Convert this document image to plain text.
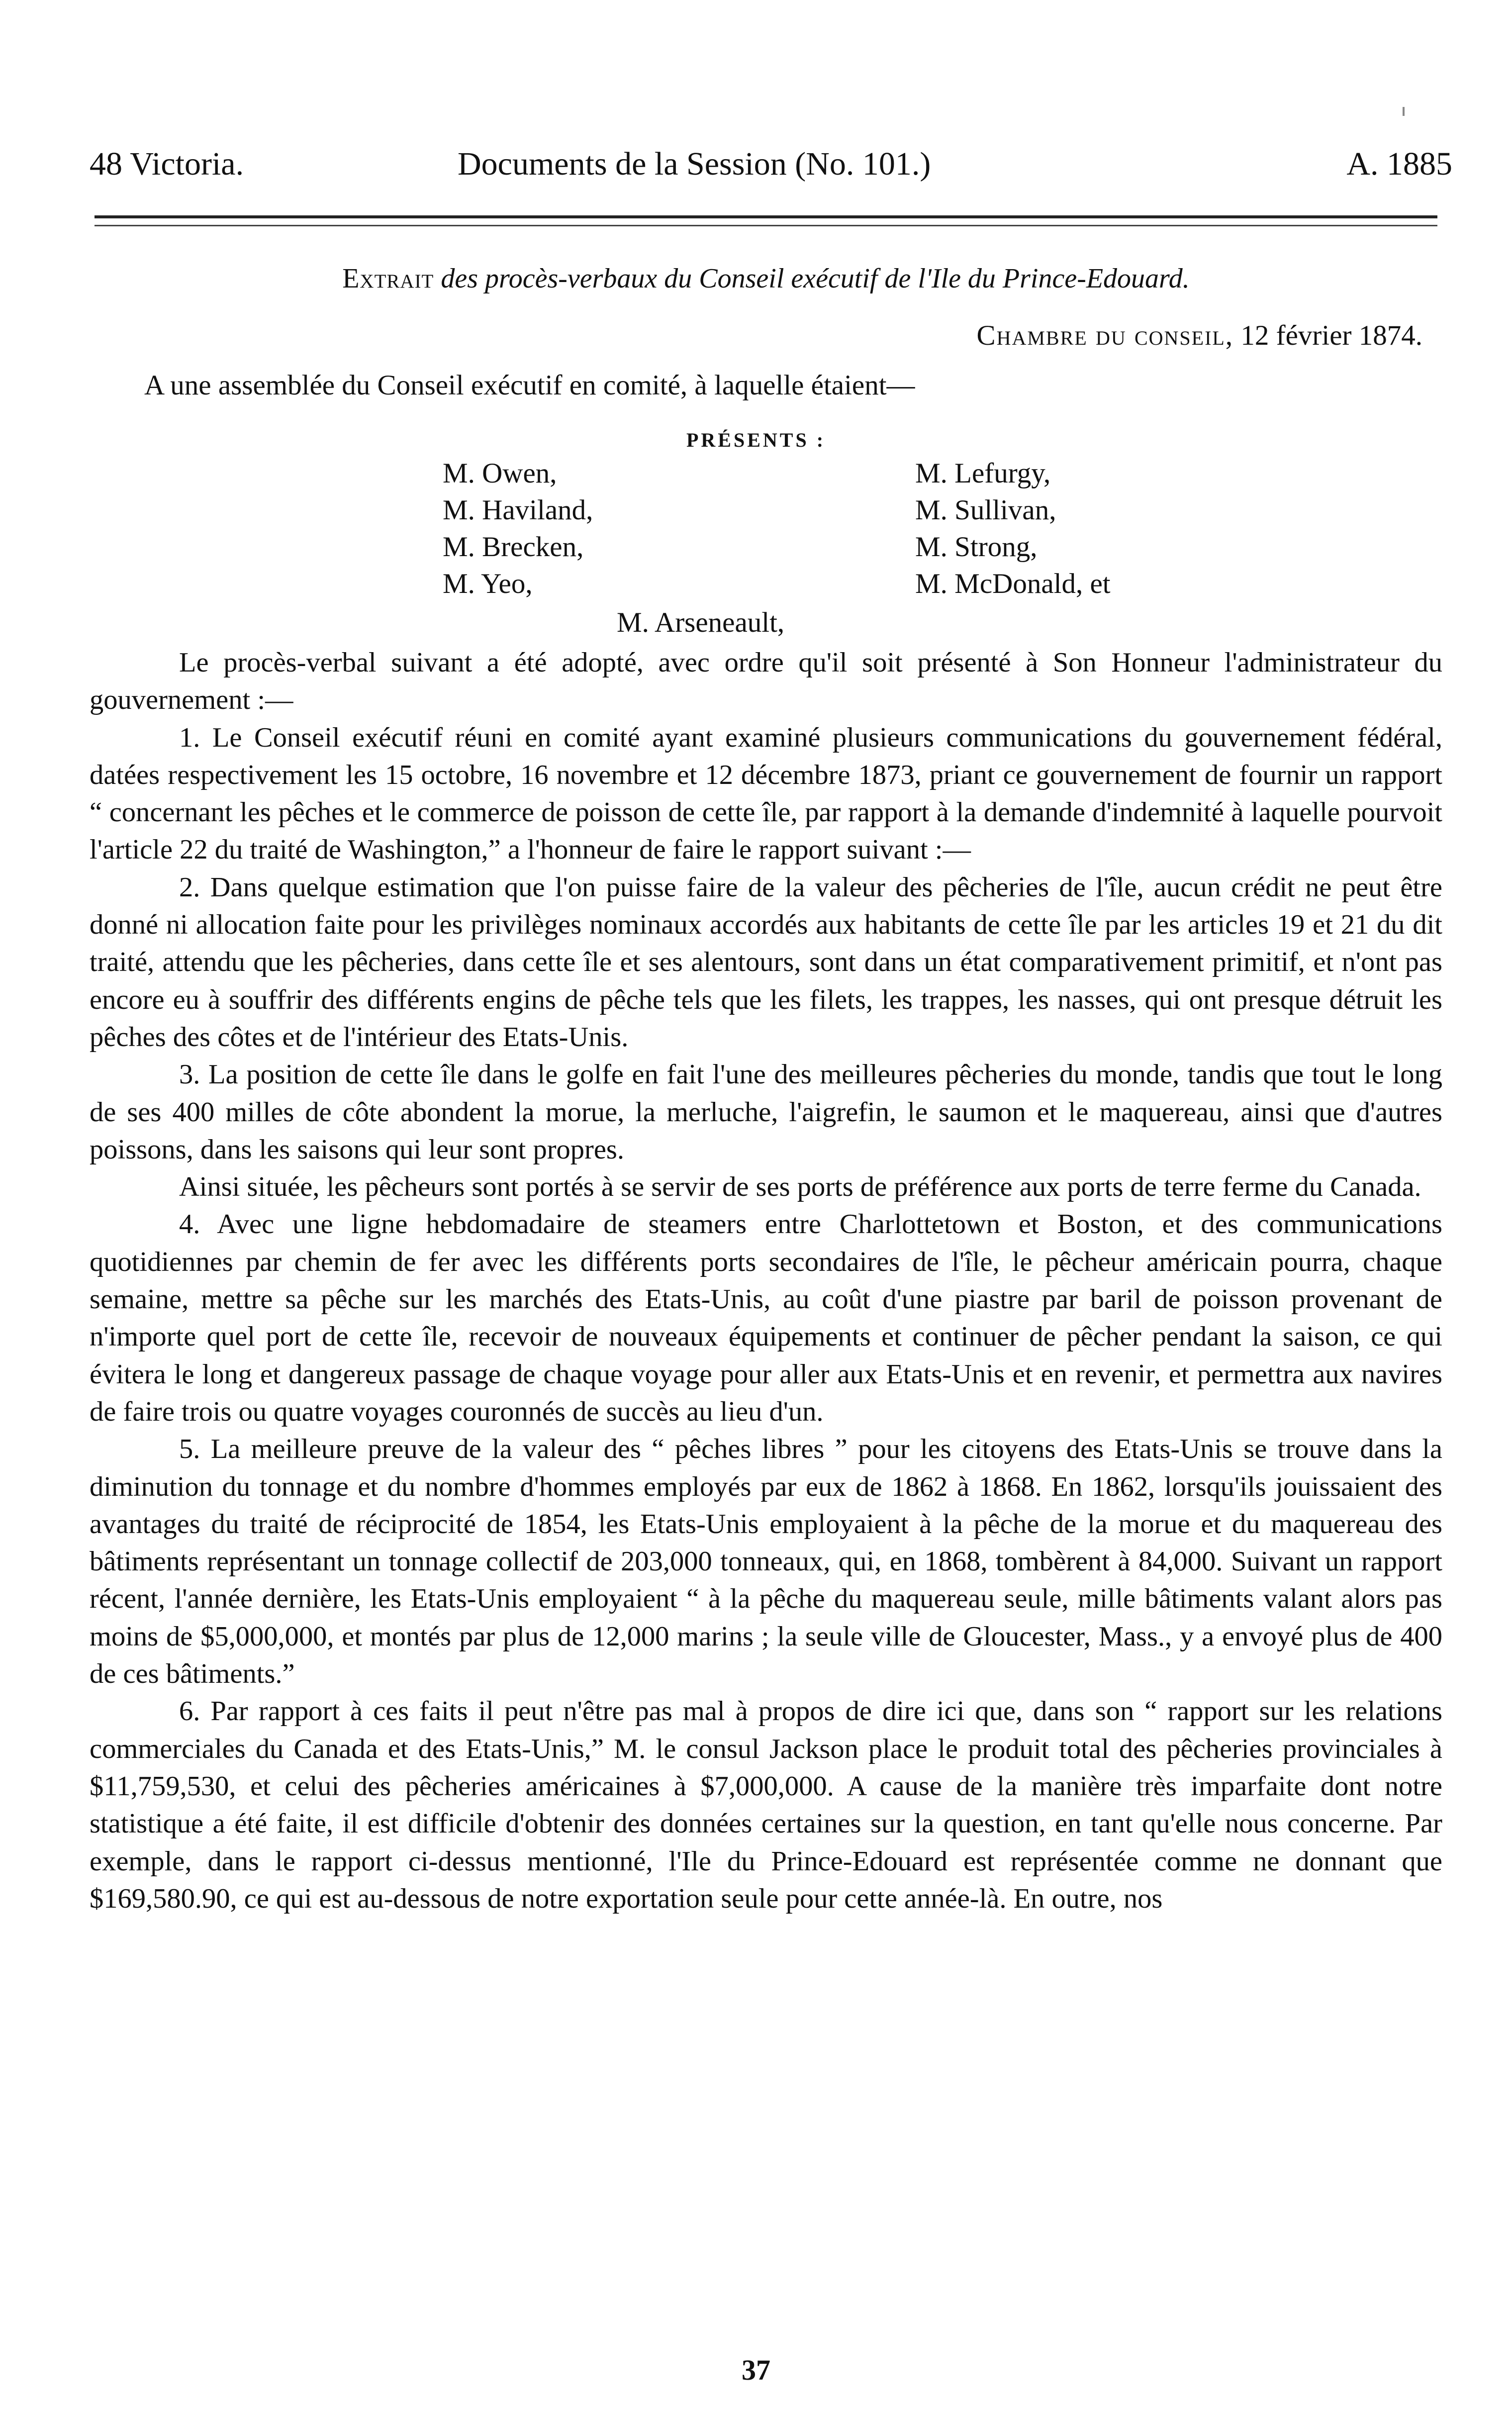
48 Victoria.	Documents de la Session (No. 101.)	A. 1885
Extrait des procès-verbaux du Conseil exécutif de l'Ile du Prince-Edouard.
Chambre du conseil, 12 février 1874.
A une assemblée du Conseil exécutif en comité, à laquelle étaient—
PRÉSENTS :
M. Owen,
M. Haviland,
M. Brecken,
M. Yeo,
M. Lefurgy,
M. Sullivan,
M. Strong,
M. McDonald, et
M. Arseneault,

Le procès-verbal suivant a été adopté, avec ordre qu'il soit présenté à Son Honneur l'administrateur du gouvernement :—

1. Le Conseil exécutif réuni en comité ayant examiné plusieurs communications du gouvernement fédéral, datées respectivement les 15 octobre, 16 novembre et 12 décembre 1873, priant ce gouvernement de fournir un rapport “ concernant les pêches et le commerce de poisson de cette île, par rapport à la demande d'indemnité à laquelle pourvoit l'article 22 du traité de Washington,” a l'honneur de faire le rapport suivant :—

2. Dans quelque estimation que l'on puisse faire de la valeur des pêcheries de l'île, aucun crédit ne peut être donné ni allocation faite pour les privilèges nominaux accordés aux habitants de cette île par les articles 19 et 21 du dit traité, attendu que les pêcheries, dans cette île et ses alentours, sont dans un état comparativement primitif, et n'ont pas encore eu à souffrir des différents engins de pêche tels que les filets, les trappes, les nasses, qui ont presque détruit les pêches des côtes et de l'intérieur des Etats-Unis.

3. La position de cette île dans le golfe en fait l'une des meilleures pêcheries du monde, tandis que tout le long de ses 400 milles de côte abondent la morue, la merluche, l'aigrefin, le saumon et le maquereau, ainsi que d'autres poissons, dans les saisons qui leur sont propres.

Ainsi située, les pêcheurs sont portés à se servir de ses ports de préférence aux ports de terre ferme du Canada.

4. Avec une ligne hebdomadaire de steamers entre Charlottetown et Boston, et des communications quotidiennes par chemin de fer avec les différents ports secondaires de l'île, le pêcheur américain pourra, chaque semaine, mettre sa pêche sur les marchés des Etats-Unis, au coût d'une piastre par baril de poisson provenant de n'importe quel port de cette île, recevoir de nouveaux équipements et continuer de pêcher pendant la saison, ce qui évitera le long et dangereux passage de chaque voyage pour aller aux Etats-Unis et en revenir, et permettra aux navires de faire trois ou quatre voyages couronnés de succès au lieu d'un.

5. La meilleure preuve de la valeur des “ pêches libres ” pour les citoyens des Etats-Unis se trouve dans la diminution du tonnage et du nombre d'hommes employés par eux de 1862 à 1868. En 1862, lorsqu'ils jouissaient des avantages du traité de réciprocité de 1854, les Etats-Unis employaient à la pêche de la morue et du maquereau des bâtiments représentant un tonnage collectif de 203,000 tonneaux, qui, en 1868, tombèrent à 84,000. Suivant un rapport récent, l'année dernière, les Etats-Unis employaient “ à la pêche du maquereau seule, mille bâtiments valant alors pas moins de $5,000,000, et montés par plus de 12,000 marins ; la seule ville de Gloucester, Mass., y a envoyé plus de 400 de ces bâtiments.”

6. Par rapport à ces faits il peut n'être pas mal à propos de dire ici que, dans son “ rapport sur les relations commerciales du Canada et des Etats-Unis,” M. le consul Jackson place le produit total des pêcheries provinciales à $11,759,530, et celui des pêcheries américaines à $7,000,000. A cause de la manière très imparfaite dont notre statistique a été faite, il est difficile d'obtenir des données certaines sur la question, en tant qu'elle nous concerne. Par exemple, dans le rapport ci-dessus mentionné, l'Ile du Prince-Edouard est représentée comme ne donnant que $169,580.90, ce qui est au-dessous de notre exportation seule pour cette année-là. En outre, nos

37
